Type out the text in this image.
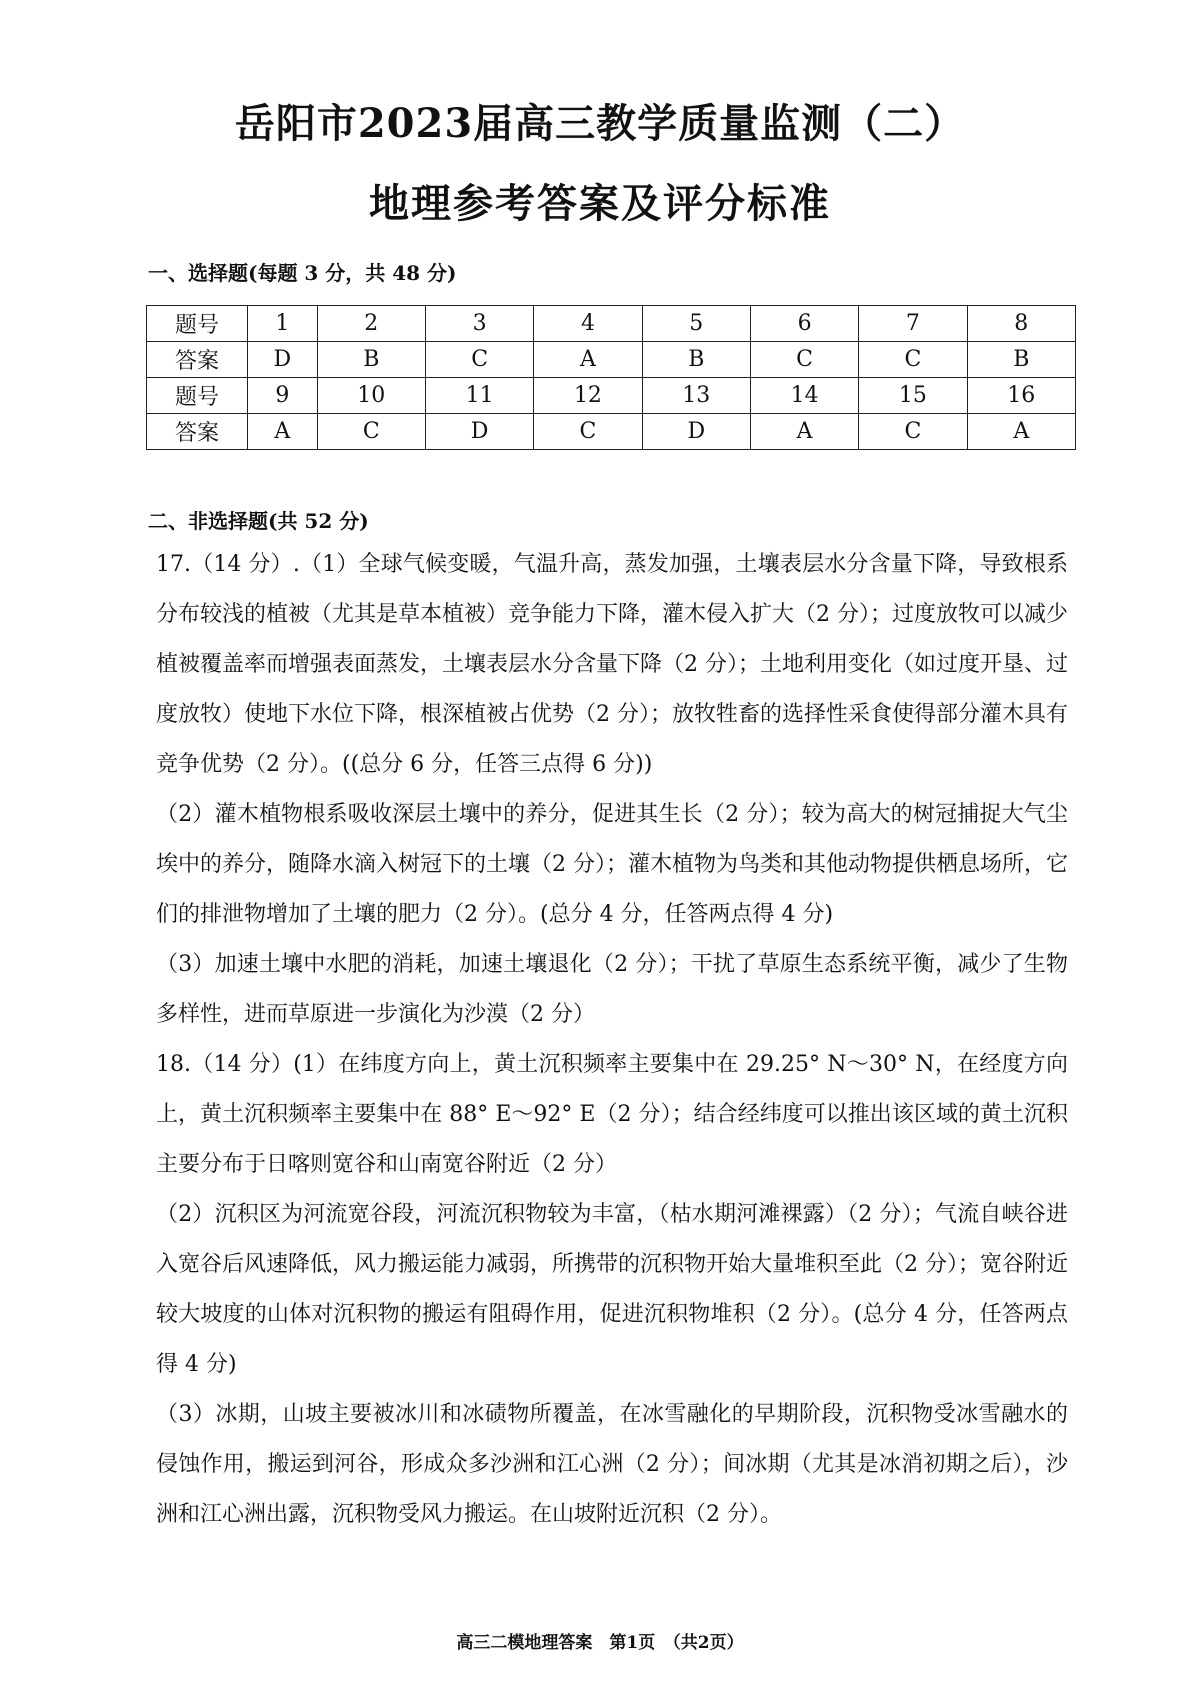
岳阳市2023届高三教学质量监测（二）
地理参考答案及评分标准
一、选择题(每题 3 分，共 48 分)
题号	1	2	3	4	5	6	7	8
答案	D	B	C	A	B	C	C	B
题号	9	10	11	12	13	14	15	16
答案	A	C	D	C	D	A	C	A
二、非选择题(共 52 分)

17.（14 分）.（1）全球气候变暖，气温升高，蒸发加强，土壤表层水分含量下降，导致根系分布较浅的植被（尤其是草本植被）竞争能力下降，灌木侵入扩大（2 分）；过度放牧可以减少植被覆盖率而增强表面蒸发，土壤表层水分含量下降（2 分）；土地利用变化（如过度开垦、过度放牧）使地下水位下降，根深植被占优势（2 分）；放牧牲畜的选择性采食使得部分灌木具有竞争优势（2 分）。((总分 6 分，任答三点得 6 分))

（2）灌木植物根系吸收深层土壤中的养分，促进其生长（2 分）；较为高大的树冠捕捉大气尘埃中的养分，随降水滴入树冠下的土壤（2 分）；灌木植物为鸟类和其他动物提供栖息场所，它们的排泄物增加了土壤的肥力（2 分）。(总分 4 分，任答两点得 4 分)

（3）加速土壤中水肥的消耗，加速土壤退化（2 分）；干扰了草原生态系统平衡，减少了生物多样性，进而草原进一步演化为沙漠（2 分）

18.（14 分）(1）在纬度方向上，黄土沉积频率主要集中在 29.25° N～30° N，在经度方向上，黄土沉积频率主要集中在 88° E～92° E（2 分）；结合经纬度可以推出该区域的黄土沉积主要分布于日喀则宽谷和山南宽谷附近（2 分）

（2）沉积区为河流宽谷段，河流沉积物较为丰富，（枯水期河滩裸露）（2 分）；气流自峡谷进入宽谷后风速降低，风力搬运能力减弱，所携带的沉积物开始大量堆积至此（2 分）；宽谷附近较大坡度的山体对沉积物的搬运有阻碍作用，促进沉积物堆积（2 分）。(总分 4 分，任答两点得 4 分)

（3）冰期，山坡主要被冰川和冰碛物所覆盖，在冰雪融化的早期阶段，沉积物受冰雪融水的侵蚀作用，搬运到河谷，形成众多沙洲和江心洲（2 分）；间冰期（尤其是冰消初期之后），沙洲和江心洲出露，沉积物受风力搬运。在山坡附近沉积（2 分）。

高三二模地理答案　第1页　（共2页）
